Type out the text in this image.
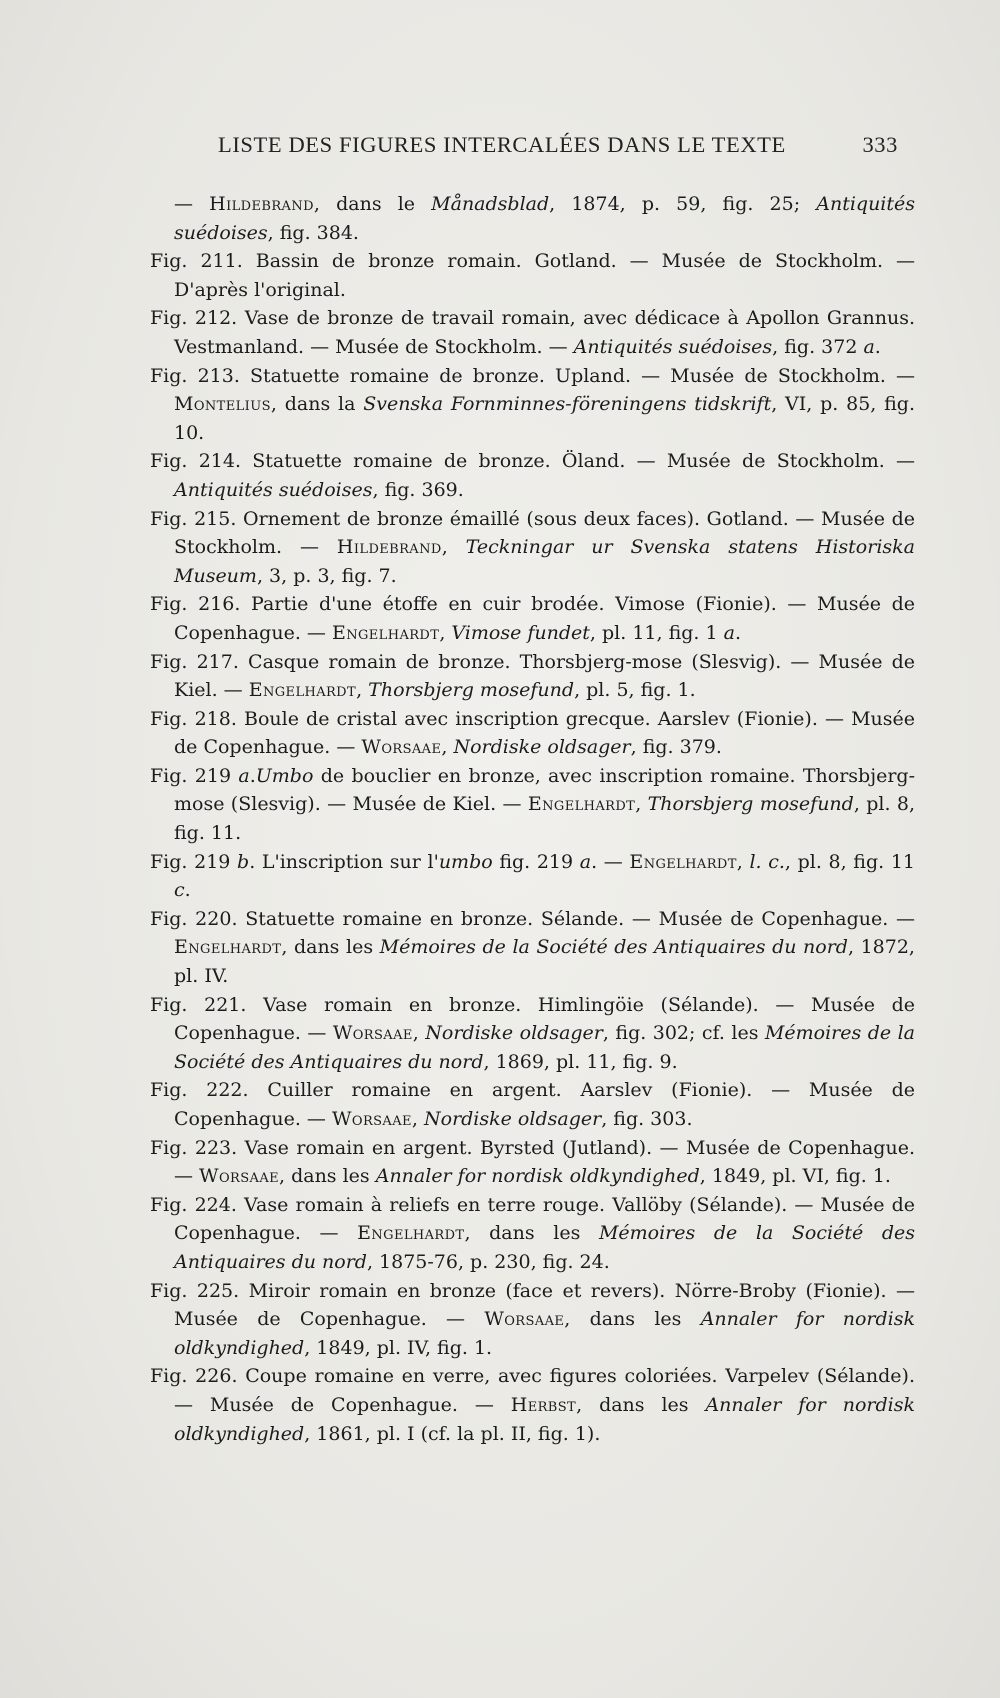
LISTE DES FIGURES INTERCALÉES DANS LE TEXTE	333

— Hildebrand, dans le Månadsblad, 1874, p. 59, fig. 25; Antiquités suédoises, fig. 384.

Fig. 211. Bassin de bronze romain. Gotland. — Musée de Stockholm. — D'après l'original.

Fig. 212. Vase de bronze de travail romain, avec dédicace à Apollon Grannus. Vestmanland. — Musée de Stockholm. — Antiquités suédoises, fig. 372 a.

Fig. 213. Statuette romaine de bronze. Upland. — Musée de Stockholm. — Montelius, dans la Svenska Fornminnes-föreningens tidskrift, VI, p. 85, fig. 10.

Fig. 214. Statuette romaine de bronze. Öland. — Musée de Stockholm. — Antiquités suédoises, fig. 369.

Fig. 215. Ornement de bronze émaillé (sous deux faces). Gotland. — Musée de Stockholm. — Hildebrand, Teckningar ur Svenska statens Historiska Museum, 3, p. 3, fig. 7.

Fig. 216. Partie d'une étoffe en cuir brodée. Vimose (Fionie). — Musée de Copenhague. — Engelhardt, Vimose fundet, pl. 11, fig. 1 a.

Fig. 217. Casque romain de bronze. Thorsbjerg-mose (Slesvig). — Musée de Kiel. — Engelhardt, Thorsbjerg mosefund, pl. 5, fig. 1.

Fig. 218. Boule de cristal avec inscription grecque. Aarslev (Fionie). — Musée de Copenhague. — Worsaae, Nordiske oldsager, fig. 379.

Fig. 219 a.Umbo de bouclier en bronze, avec inscription romaine. Thorsbjerg-mose (Slesvig). — Musée de Kiel. — Engelhardt, Thorsbjerg mosefund, pl. 8, fig. 11.

Fig. 219 b. L'inscription sur l'umbo fig. 219 a. — Engelhardt, l. c., pl. 8, fig. 11 c.

Fig. 220. Statuette romaine en bronze. Sélande. — Musée de Copenhague. — Engelhardt, dans les Mémoires de la Société des Antiquaires du nord, 1872, pl. IV.

Fig. 221. Vase romain en bronze. Himlingöie (Sélande). — Musée de Copenhague. — Worsaae, Nordiske oldsager, fig. 302; cf. les Mémoires de la Société des Antiquaires du nord, 1869, pl. 11, fig. 9.

Fig. 222. Cuiller romaine en argent. Aarslev (Fionie). — Musée de Copenhague. — Worsaae, Nordiske oldsager, fig. 303.

Fig. 223. Vase romain en argent. Byrsted (Jutland). — Musée de Copenhague. — Worsaae, dans les Annaler for nordisk oldkyndighed, 1849, pl. VI, fig. 1.

Fig. 224. Vase romain à reliefs en terre rouge. Vallöby (Sélande). — Musée de Copenhague. — Engelhardt, dans les Mémoires de la Société des Antiquaires du nord, 1875-76, p. 230, fig. 24.

Fig. 225. Miroir romain en bronze (face et revers). Nörre-Broby (Fionie). — Musée de Copenhague. — Worsaae, dans les Annaler for nordisk oldkyndighed, 1849, pl. IV, fig. 1.

Fig. 226. Coupe romaine en verre, avec figures coloriées. Varpelev (Sélande). — Musée de Copenhague. — Herbst, dans les Annaler for nordisk oldkyndighed, 1861, pl. I (cf. la pl. II, fig. 1).
